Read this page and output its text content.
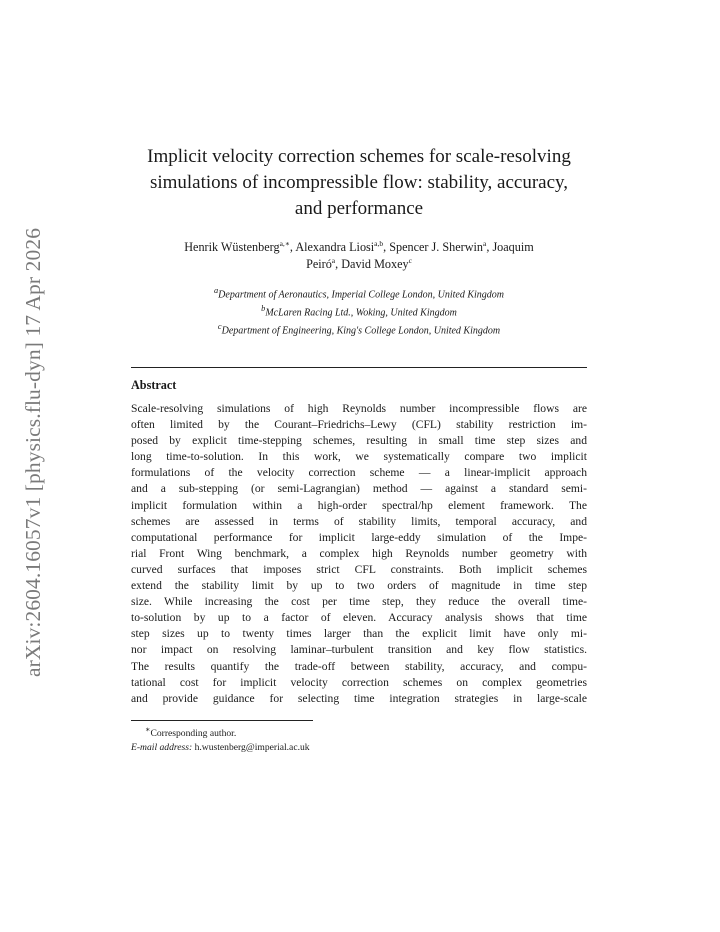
arXiv:2604.16057v1 [physics.flu-dyn] 17 Apr 2026
Implicit velocity correction schemes for scale-resolving
simulations of incompressible flow: stability, accuracy,
and performance

Henrik Wüstenberg$^{a,∗}$, Alexandra Liosi$^{a,b}$, Spencer J. Sherwin$^a$, Joaquim
Peiró$^a$, David Moxey$^c$

$^a$Department of Aeronautics, Imperial College London, United Kingdom
$^b$McLaren Racing Ltd., Woking, United Kingdom
$^c$Department of Engineering, King's College London, United Kingdom
Abstract
Scale-resolving simulations of high Reynolds number incompressible flows are
often limited by the Courant–Friedrichs–Lewy (CFL) stability restriction im-
posed by explicit time-stepping schemes, resulting in small time step sizes and
long time-to-solution. In this work, we systematically compare two implicit
formulations of the velocity correction scheme — a linear-implicit approach
and a sub-stepping (or semi-Lagrangian) method — against a standard semi-
implicit formulation within a high-order spectral/hp element framework. The
schemes are assessed in terms of stability limits, temporal accuracy, and
computational performance for implicit large-eddy simulation of the Impe-
rial Front Wing benchmark, a complex high Reynolds number geometry with
curved surfaces that imposes strict CFL constraints. Both implicit schemes
extend the stability limit by up to two orders of magnitude in time step
size. While increasing the cost per time step, they reduce the overall time-
to-solution by up to a factor of eleven. Accuracy analysis shows that time
step sizes up to twenty times larger than the explicit limit have only mi-
nor impact on resolving laminar–turbulent transition and key flow statistics.
The results quantify the trade-off between stability, accuracy, and compu-
tational cost for implicit velocity correction schemes on complex geometries
and provide guidance for selecting time integration strategies in large-scale
∗Corresponding author.
E-mail address: h.wustenberg@imperial.ac.uk
